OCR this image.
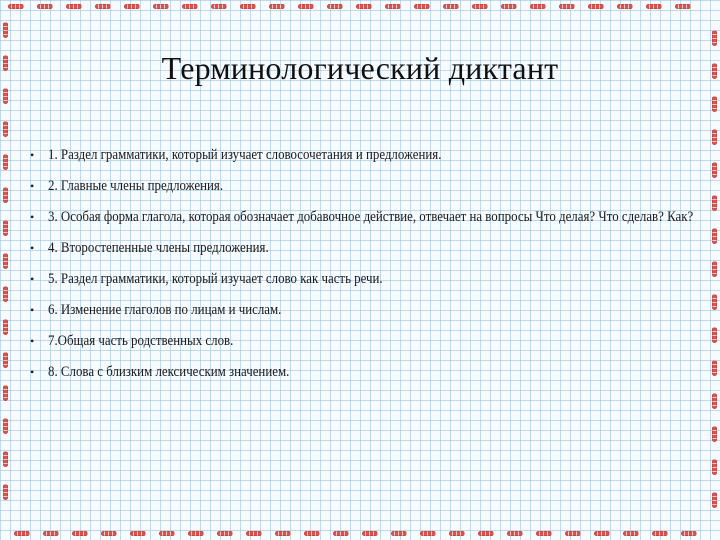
Терминологический диктант
• 1. Раздел грамматики, который изучает словосочетания и предложения.
• 2. Главные члены предложения.
• 3. Особая форма глагола, которая обозначает добавочное действие, отвечает на вопросы Что делая? Что сделав? Как?
• 4. Второстепенные члены предложения.
• 5. Раздел грамматики, который изучает слово как часть речи.
• 6. Изменение глаголов по лицам и числам.
• 7.Общая часть родственных слов.
• 8. Слова с близким лексическим значением.
